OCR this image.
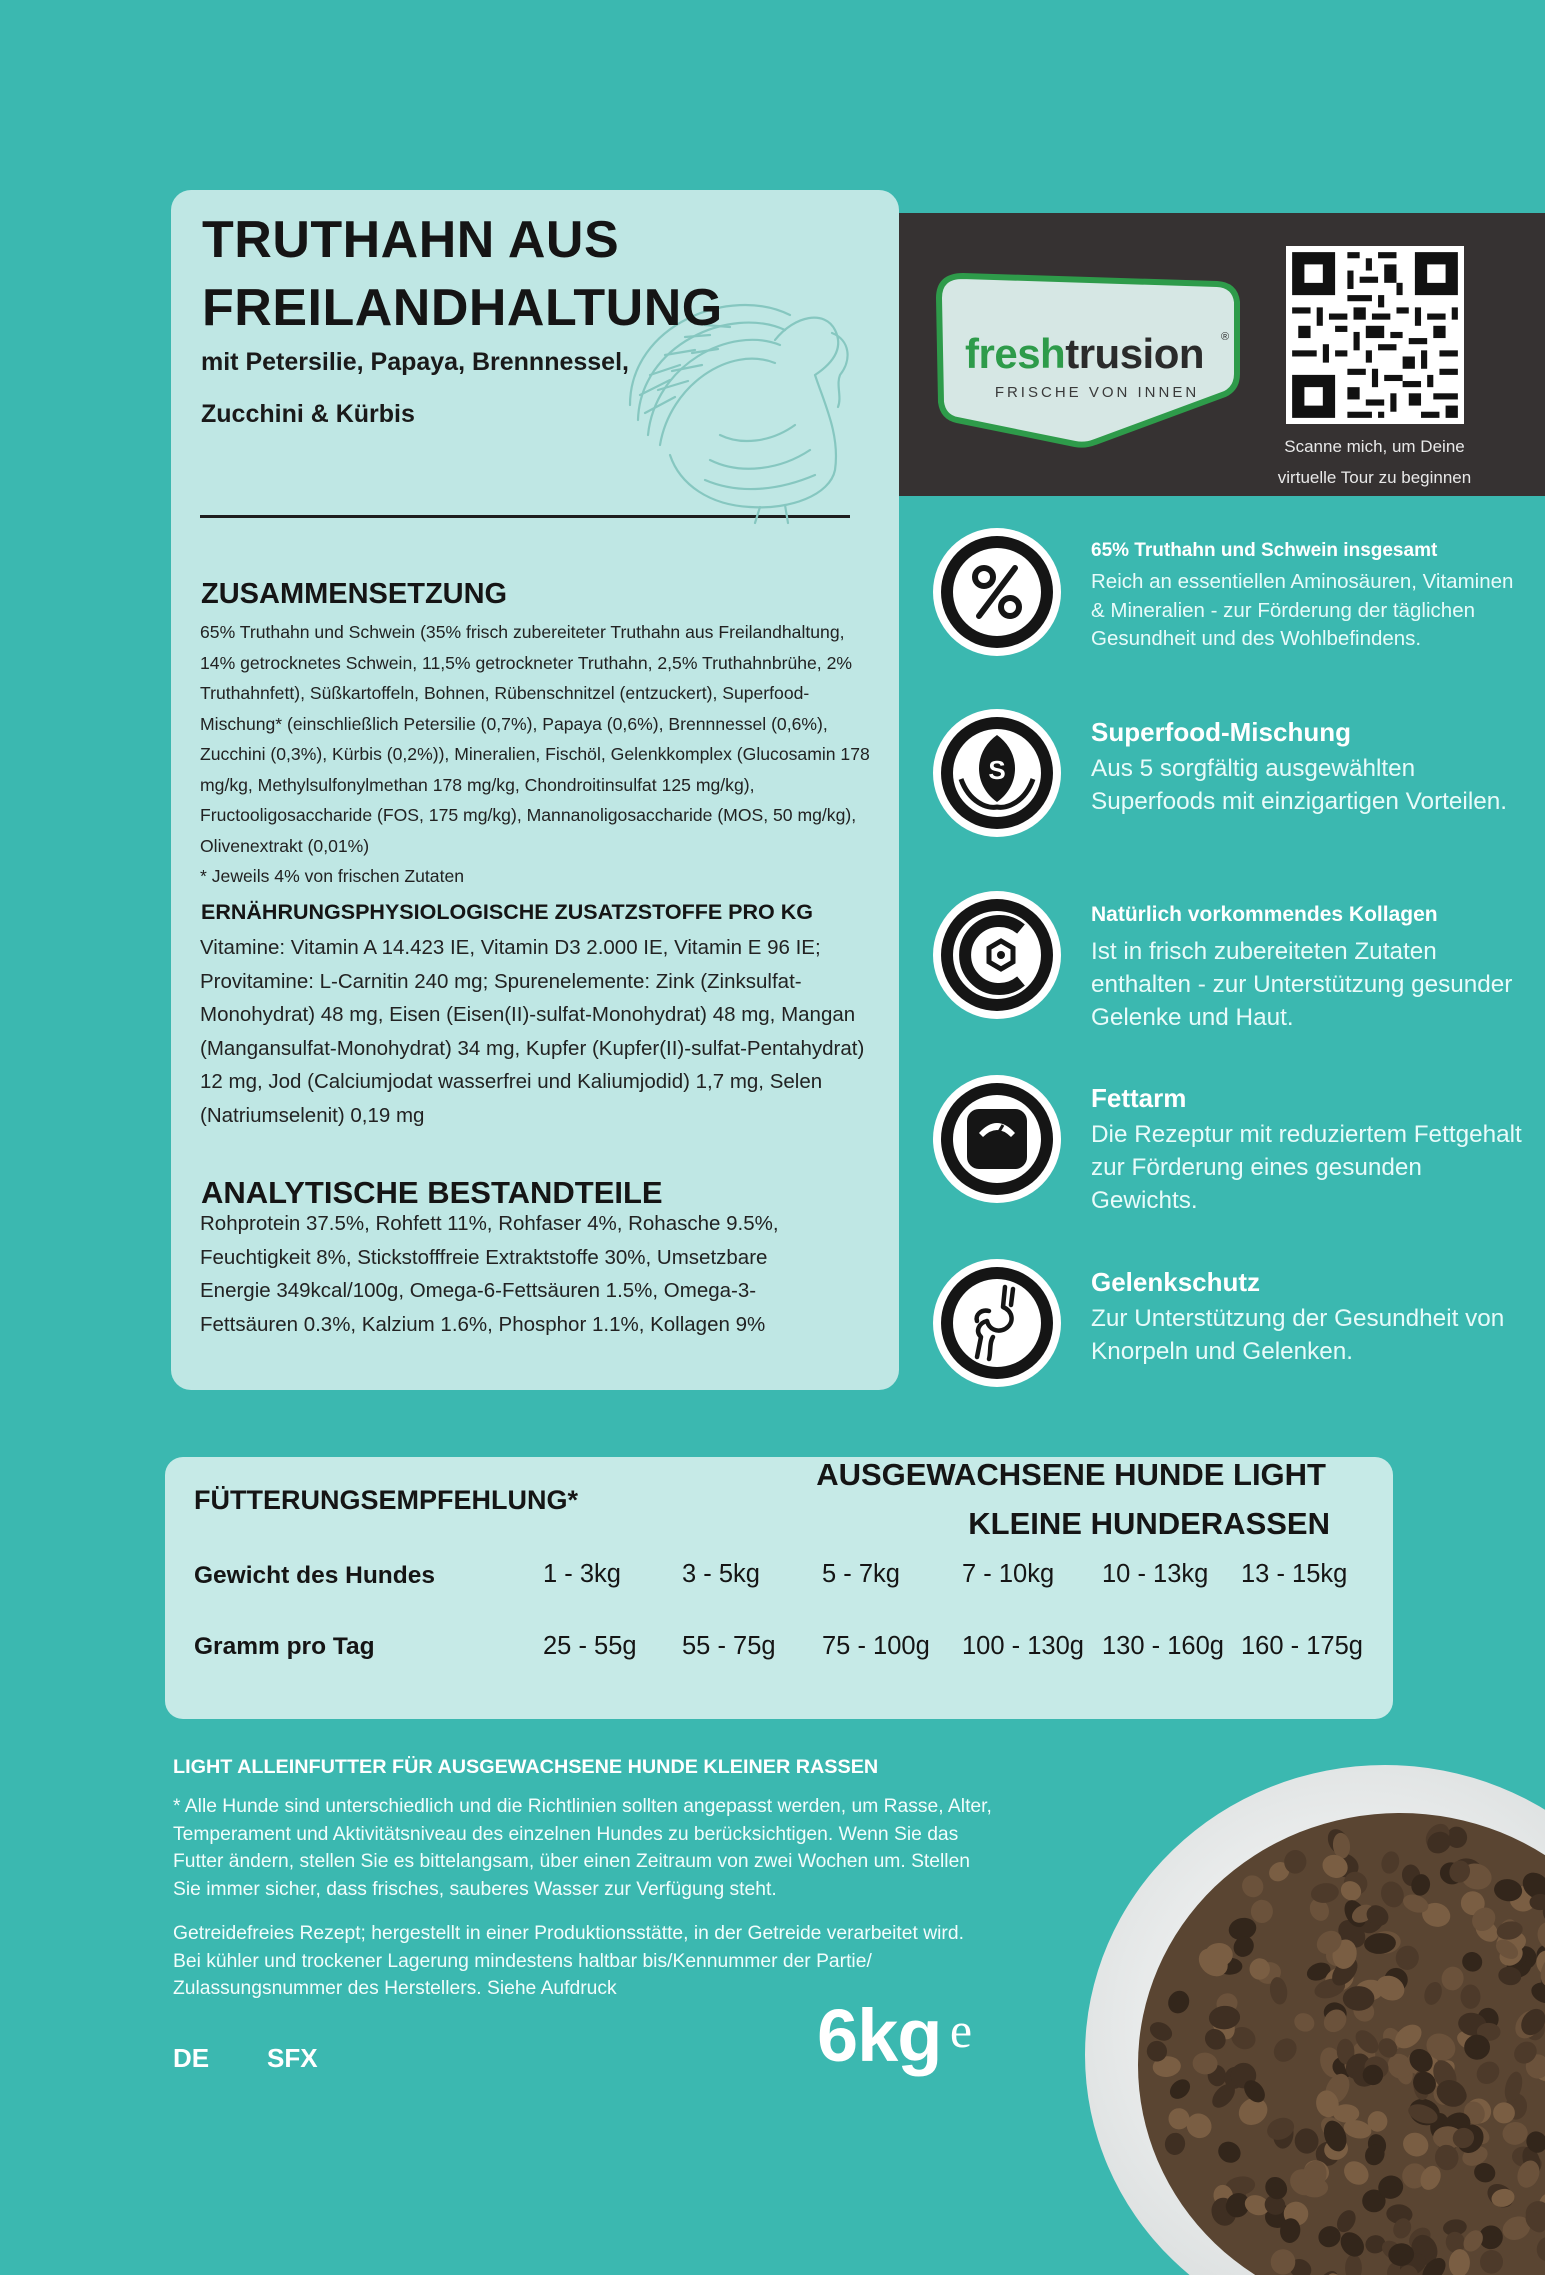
TRUTHAHN AUS
FREILANDHALTUNG

mit Petersilie, Papaya, Brennnessel, Zucchini & Kürbis

ZUSAMMENSETZUNG

65% Truthahn und Schwein (35% frisch zubereiteter Truthahn aus Freilandhaltung, 14% getrocknetes Schwein, 11,5% getrockneter Truthahn, 2,5% Truthahnbrühe, 2% Truthahnfett), Süßkartoffeln, Bohnen, Rübenschnitzel (entzuckert), Superfood-Mischung* (einschließlich Petersilie (0,7%), Papaya (0,6%), Brennnessel (0,6%), Zucchini (0,3%), Kürbis (0,2%)), Mineralien, Fischöl, Gelenkkomplex (Glucosamin 178 mg/kg, Methylsulfonylmethan 178 mg/kg, Chondroitinsulfat 125 mg/kg), Fructooligosaccharide (FOS, 175 mg/kg), Mannanoligosaccharide (MOS, 50 mg/kg), Olivenextrakt (0,01%)
* Jeweils 4% von frischen Zutaten

ERNÄHRUNGSPHYSIOLOGISCHE ZUSATZSTOFFE PRO KG

Vitamine: Vitamin A 14.423 IE, Vitamin D3 2.000 IE, Vitamin E 96 IE; Provitamine: L-Carnitin 240 mg; Spurenelemente: Zink (Zinksulfat-Monohydrat) 48 mg, Eisen (Eisen(II)-sulfat-Monohydrat) 48 mg, Mangan (Mangansulfat-Monohydrat) 34 mg, Kupfer (Kupfer(II)-sulfat-Pentahydrat) 12 mg, Jod (Calciumjodat wasserfrei und Kaliumjodid) 1,7 mg, Selen (Natriumselenit) 0,19 mg

ANALYTISCHE BESTANDTEILE

Rohprotein 37.5%, Rohfett 11%, Rohfaser 4%, Rohasche 9.5%, Feuchtigkeit 8%, Stickstofffreie Extraktstoffe 30%, Umsetzbare Energie 349kcal/100g, Omega-6-Fettsäuren 1.5%, Omega-3-Fettsäuren 0.3%, Kalzium 1.6%, Phosphor 1.1%, Kollagen 9%

freshtrusion ®
FRISCHE VON INNEN

Scanne mich, um Deine
virtuelle Tour zu beginnen

65% Truthahn und Schwein insgesamt

Reich an essentiellen Aminosäuren, Vitaminen & Mineralien - zur Förderung der täglichen Gesundheit und des Wohlbefindens.

S

Superfood-Mischung

Aus 5 sorgfältig ausgewählten Superfoods mit einzigartigen Vorteilen.

Natürlich vorkommendes Kollagen

Ist in frisch zubereiteten Zutaten enthalten - zur Unterstützung gesunder Gelenke und Haut.

Fettarm

Die Rezeptur mit reduziertem Fettgehalt zur Förderung eines gesunden Gewichts.

Gelenkschutz

Zur Unterstützung der Gesundheit von Knorpeln und Gelenken.

FÜTTERUNGSEMPFEHLUNG*
AUSGEWACHSENE HUNDE LIGHT
KLEINE HUNDERASSEN

Gewicht des Hundes

Gramm pro Tag

1 - 3kg 3 - 5kg 5 - 7kg 7 - 10kg 10 - 13kg 13 - 15kg

25 - 55g 55 - 75g 75 - 100g 100 - 130g 130 - 160g 160 - 175g

LIGHT ALLEINFUTTER FÜR AUSGEWACHSENE HUNDE KLEINER RASSEN

* Alle Hunde sind unterschiedlich und die Richtlinien sollten angepasst werden, um Rasse, Alter, Temperament und Aktivitätsniveau des einzelnen Hundes zu berücksichtigen. Wenn Sie das Futter ändern, stellen Sie es bittelangsam, über einen Zeitraum von zwei Wochen um. Stellen Sie immer sicher, dass frisches, sauberes Wasser zur Verfügung steht.

Getreidefreies Rezept; hergestellt in einer Produktionsstätte, in der Getreide verarbeitet wird. Bei kühler und trockener Lagerung mindestens haltbar bis/Kennummer der Partie/ Zulassungsnummer des Herstellers. Siehe Aufdruck

DE SFX	6kg e
